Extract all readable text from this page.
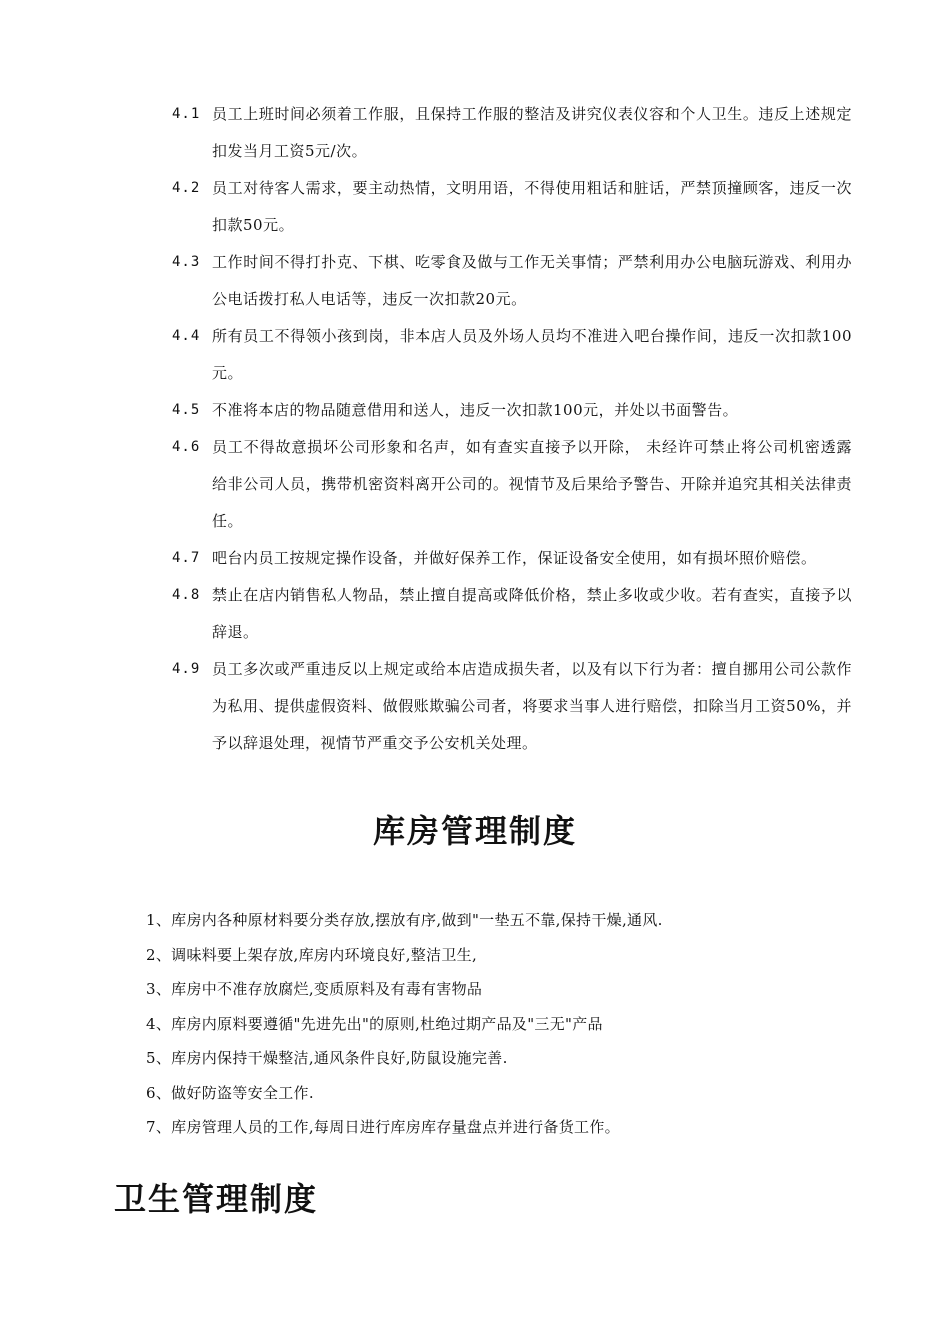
4.1 员工上班时间必须着工作服，且保持工作服的整洁及讲究仪表仪容和个人卫生。违反上述规定扣发当月工资5元/次。
4.2 员工对待客人需求，要主动热情，文明用语，不得使用粗话和脏话，严禁顶撞顾客，违反一次扣款50元。
4.3 工作时间不得打扑克、下棋、吃零食及做与工作无关事情；严禁利用办公电脑玩游戏、利用办公电话拨打私人电话等，违反一次扣款20元。
4.4 所有员工不得领小孩到岗，非本店人员及外场人员均不准进入吧台操作间，违反一次扣款100元。
4.5 不准将本店的物品随意借用和送人，违反一次扣款100元，并处以书面警告。
4.6 员工不得故意损坏公司形象和名声，如有查实直接予以开除， 未经许可禁止将公司机密透露给非公司人员，携带机密资料离开公司的。视情节及后果给予警告、开除并追究其相关法律责任。
4.7 吧台内员工按规定操作设备，并做好保养工作，保证设备安全使用，如有损坏照价赔偿。
4.8 禁止在店内销售私人物品，禁止擅自提高或降低价格，禁止多收或少收。若有查实，直接予以辞退。
4.9 员工多次或严重违反以上规定或给本店造成损失者，以及有以下行为者：擅自挪用公司公款作为私用、提供虚假资料、做假账欺骗公司者，将要求当事人进行赔偿，扣除当月工资50%，并予以辞退处理，视情节严重交予公安机关处理。
库房管理制度
1、库房内各种原材料要分类存放,摆放有序,做到"一垫五不靠,保持干燥,通风.
2、调味料要上架存放,库房内环境良好,整洁卫生,
3、库房中不准存放腐烂,变质原料及有毒有害物品
4、库房内原料要遵循"先进先出"的原则,杜绝过期产品及"三无"产品
5、库房内保持干燥整洁,通风条件良好,防鼠设施完善.
6、做好防盗等安全工作.
7、库房管理人员的工作,每周日进行库房库存量盘点并进行备货工作。
卫生管理制度
